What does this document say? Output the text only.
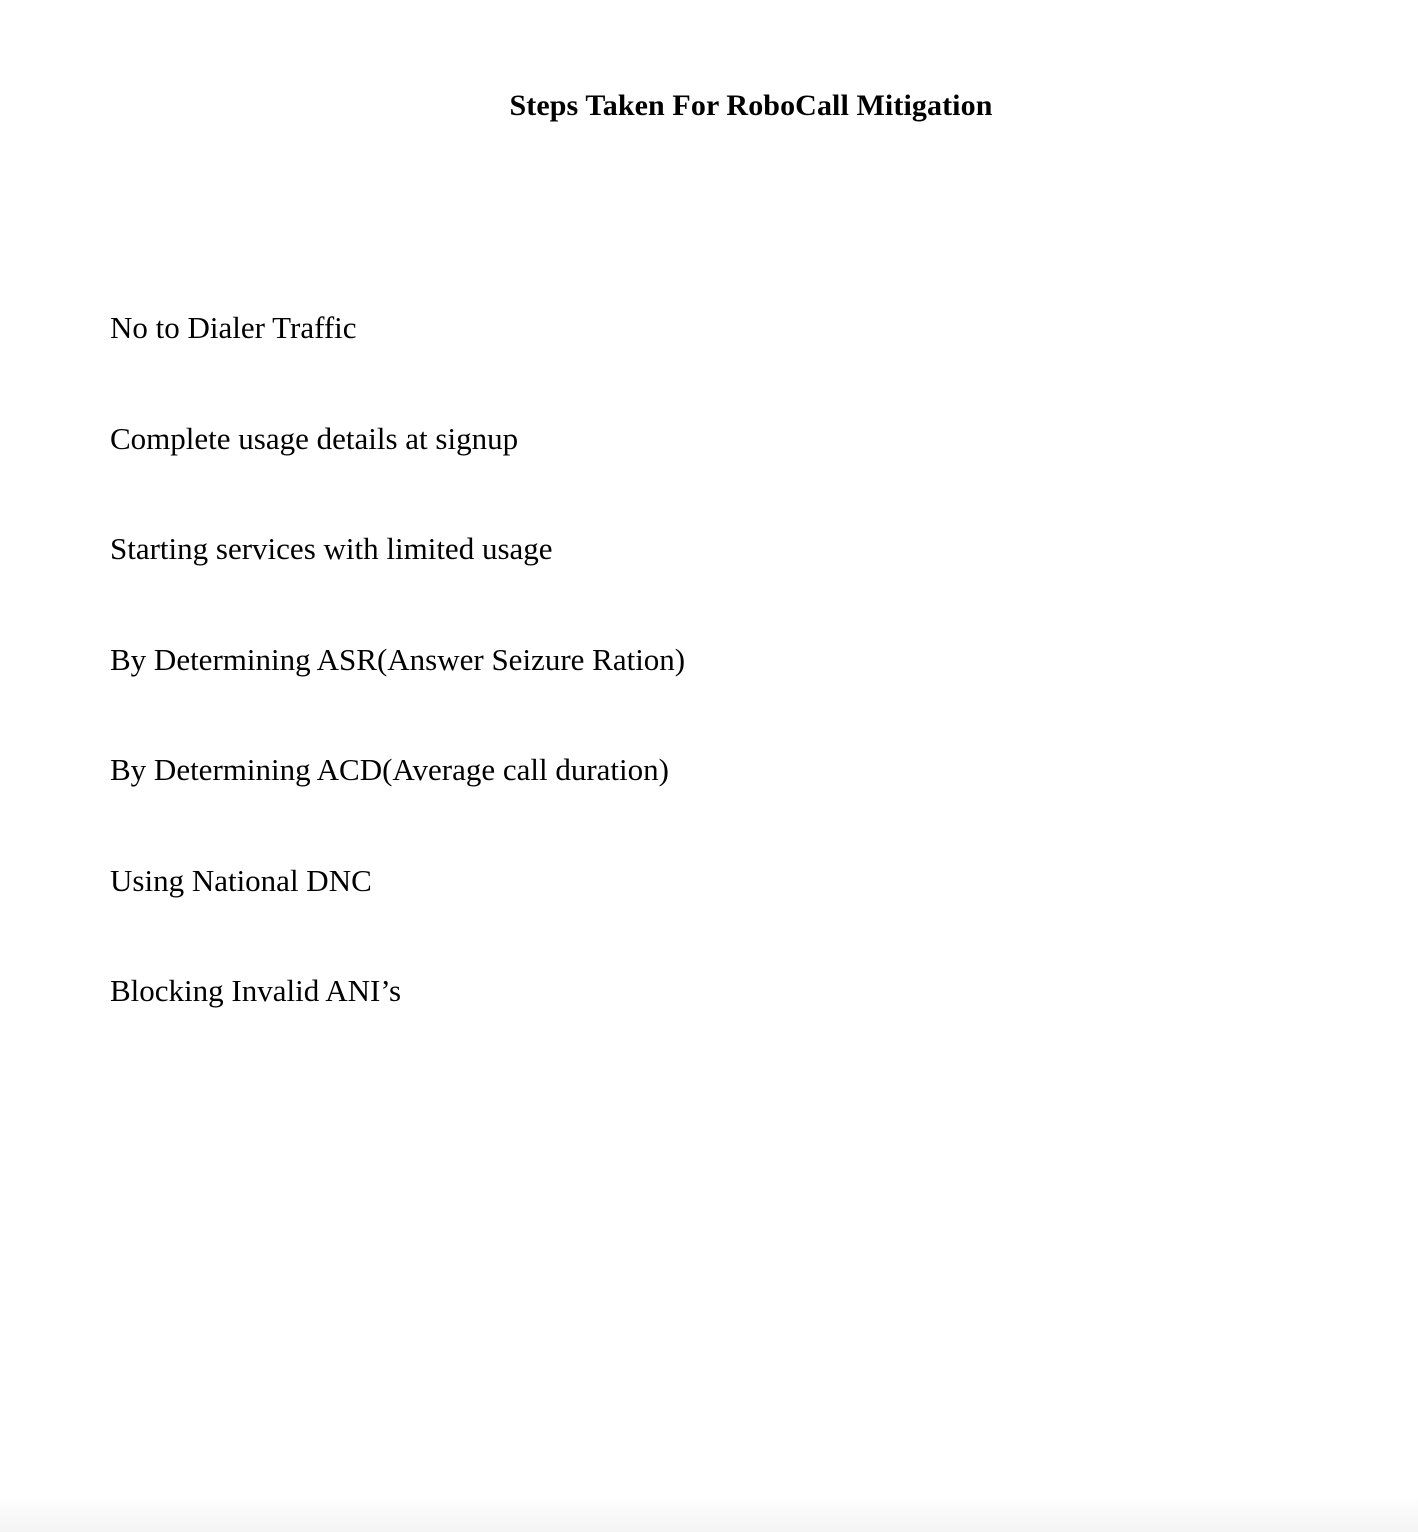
Steps Taken For RoboCall Mitigation
No to Dialer Traffic
Complete usage details at signup
Starting services with limited usage
By Determining ASR(Answer Seizure Ration)
By Determining ACD(Average call duration)
Using National DNC
Blocking Invalid ANI’s
